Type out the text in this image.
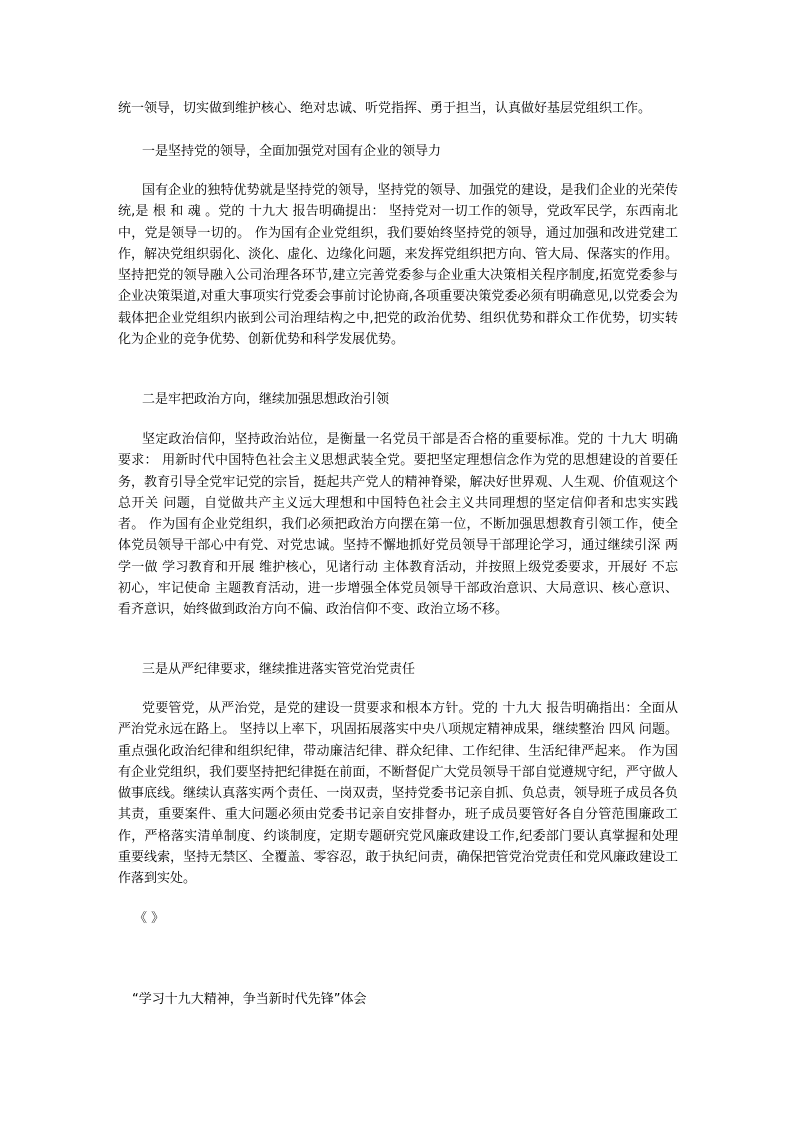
统一领导，切实做到维护核心、绝对忠诚、听党指挥、勇于担当，认真做好基层党组织工作。

一是坚持党的领导，全面加强党对国有企业的领导力

国有企业的独特优势就是坚持党的领导，坚持党的领导、加强党的建设，是我们企业的光荣传统,是 根 和 魂 。党的 十九大 报告明确提出： 坚持党对一切工作的领导，党政军民学，东西南北中，党是领导一切的。 作为国有企业党组织，我们要始终坚持党的领导，通过加强和改进党建工作，解决党组织弱化、淡化、虚化、边缘化问题，来发挥党组织把方向、管大局、保落实的作用。坚持把党的领导融入公司治理各环节,建立完善党委参与企业重大决策相关程序制度,拓宽党委参与企业决策渠道,对重大事项实行党委会事前讨论协商,各项重要决策党委必须有明确意见,以党委会为载体把企业党组织内嵌到公司治理结构之中,把党的政治优势、组织优势和群众工作优势，切实转化为企业的竞争优势、创新优势和科学发展优势。

二是牢把政治方向，继续加强思想政治引领

坚定政治信仰，坚持政治站位，是衡量一名党员干部是否合格的重要标准。党的 十九大 明确要求： 用新时代中国特色社会主义思想武装全党。要把坚定理想信念作为党的思想建设的首要任务，教育引导全党牢记党的宗旨，挺起共产党人的精神脊梁，解决好世界观、人生观、价值观这个 总开关 问题，自觉做共产主义远大理想和中国特色社会主义共同理想的坚定信仰者和忠实实践者。 作为国有企业党组织，我们必须把政治方向摆在第一位，不断加强思想教育引领工作，使全体党员领导干部心中有党、对党忠诚。坚持不懈地抓好党员领导干部理论学习，通过继续引深 两学一做 学习教育和开展 维护核心，见诸行动 主体教育活动，并按照上级党委要求，开展好 不忘初心，牢记使命 主题教育活动，进一步增强全体党员领导干部政治意识、大局意识、核心意识、看齐意识，始终做到政治方向不偏、政治信仰不变、政治立场不移。

三是从严纪律要求，继续推进落实管党治党责任

党要管党，从严治党，是党的建设一贯要求和根本方针。党的 十九大 报告明确指出：全面从严治党永远在路上。 坚持以上率下，巩固拓展落实中央八项规定精神成果，继续整治 四风 问题。 重点强化政治纪律和组织纪律，带动廉洁纪律、群众纪律、工作纪律、生活纪律严起来。 作为国有企业党组织，我们要坚持把纪律挺在前面，不断督促广大党员领导干部自觉遵规守纪，严守做人做事底线。继续认真落实两个责任、一岗双责，坚持党委书记亲自抓、负总责，领导班子成员各负其责，重要案件、重大问题必须由党委书记亲自安排督办，班子成员要管好各自分管范围廉政工作，严格落实清单制度、约谈制度，定期专题研究党风廉政建设工作,纪委部门要认真掌握和处理重要线索，坚持无禁区、全覆盖、零容忍，敢于执纪问责，确保把管党治党责任和党风廉政建设工作落到实处。

《 》

“学习十九大精神，争当新时代先锋”体会
